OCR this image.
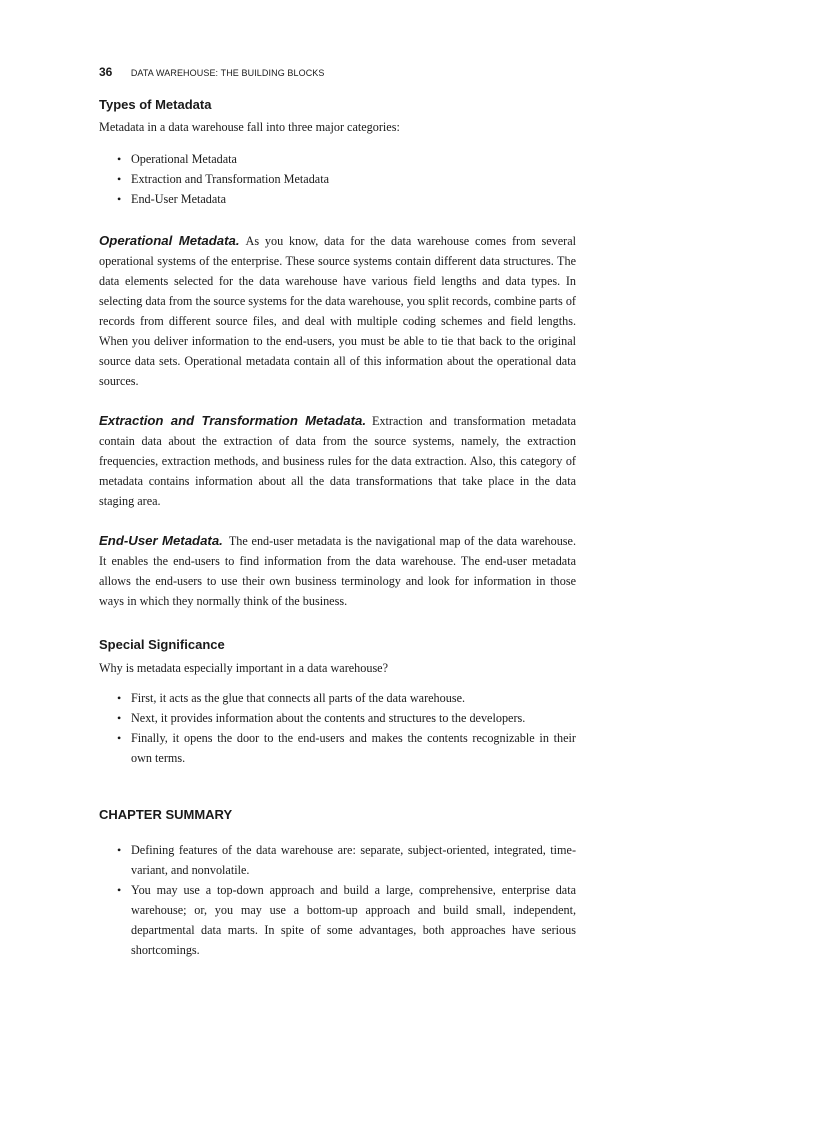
36 DATA WAREHOUSE: THE BUILDING BLOCKS
Types of Metadata

Metadata in a data warehouse fall into three major categories:

• Operational Metadata
• Extraction and Transformation Metadata
• End-User Metadata

Operational Metadata. As you know, data for the data warehouse comes from several operational systems of the enterprise. These source systems contain different data structures. The data elements selected for the data warehouse have various field lengths and data types. In selecting data from the source systems for the data warehouse, you split records, combine parts of records from different source files, and deal with multiple coding schemes and field lengths. When you deliver information to the end-users, you must be able to tie that back to the original source data sets. Operational metadata contain all of this information about the operational data sources.

Extraction and Transformation Metadata. Extraction and transformation metadata contain data about the extraction of data from the source systems, namely, the extraction frequencies, extraction methods, and business rules for the data extraction. Also, this category of metadata contains information about all the data transformations that take place in the data staging area.

End-User Metadata. The end-user metadata is the navigational map of the data warehouse. It enables the end-users to find information from the data warehouse. The end-user metadata allows the end-users to use their own business terminology and look for information in those ways in which they normally think of the business.

Special Significance

Why is metadata especially important in a data warehouse?

• First, it acts as the glue that connects all parts of the data warehouse.
• Next, it provides information about the contents and structures to the developers.
• Finally, it opens the door to the end-users and makes the contents recognizable in their own terms.
CHAPTER SUMMARY
• Defining features of the data warehouse are: separate, subject-oriented, integrated, time-variant, and nonvolatile.
• You may use a top-down approach and build a large, comprehensive, enterprise data warehouse; or, you may use a bottom-up approach and build small, independent, departmental data marts. In spite of some advantages, both approaches have serious shortcomings.
